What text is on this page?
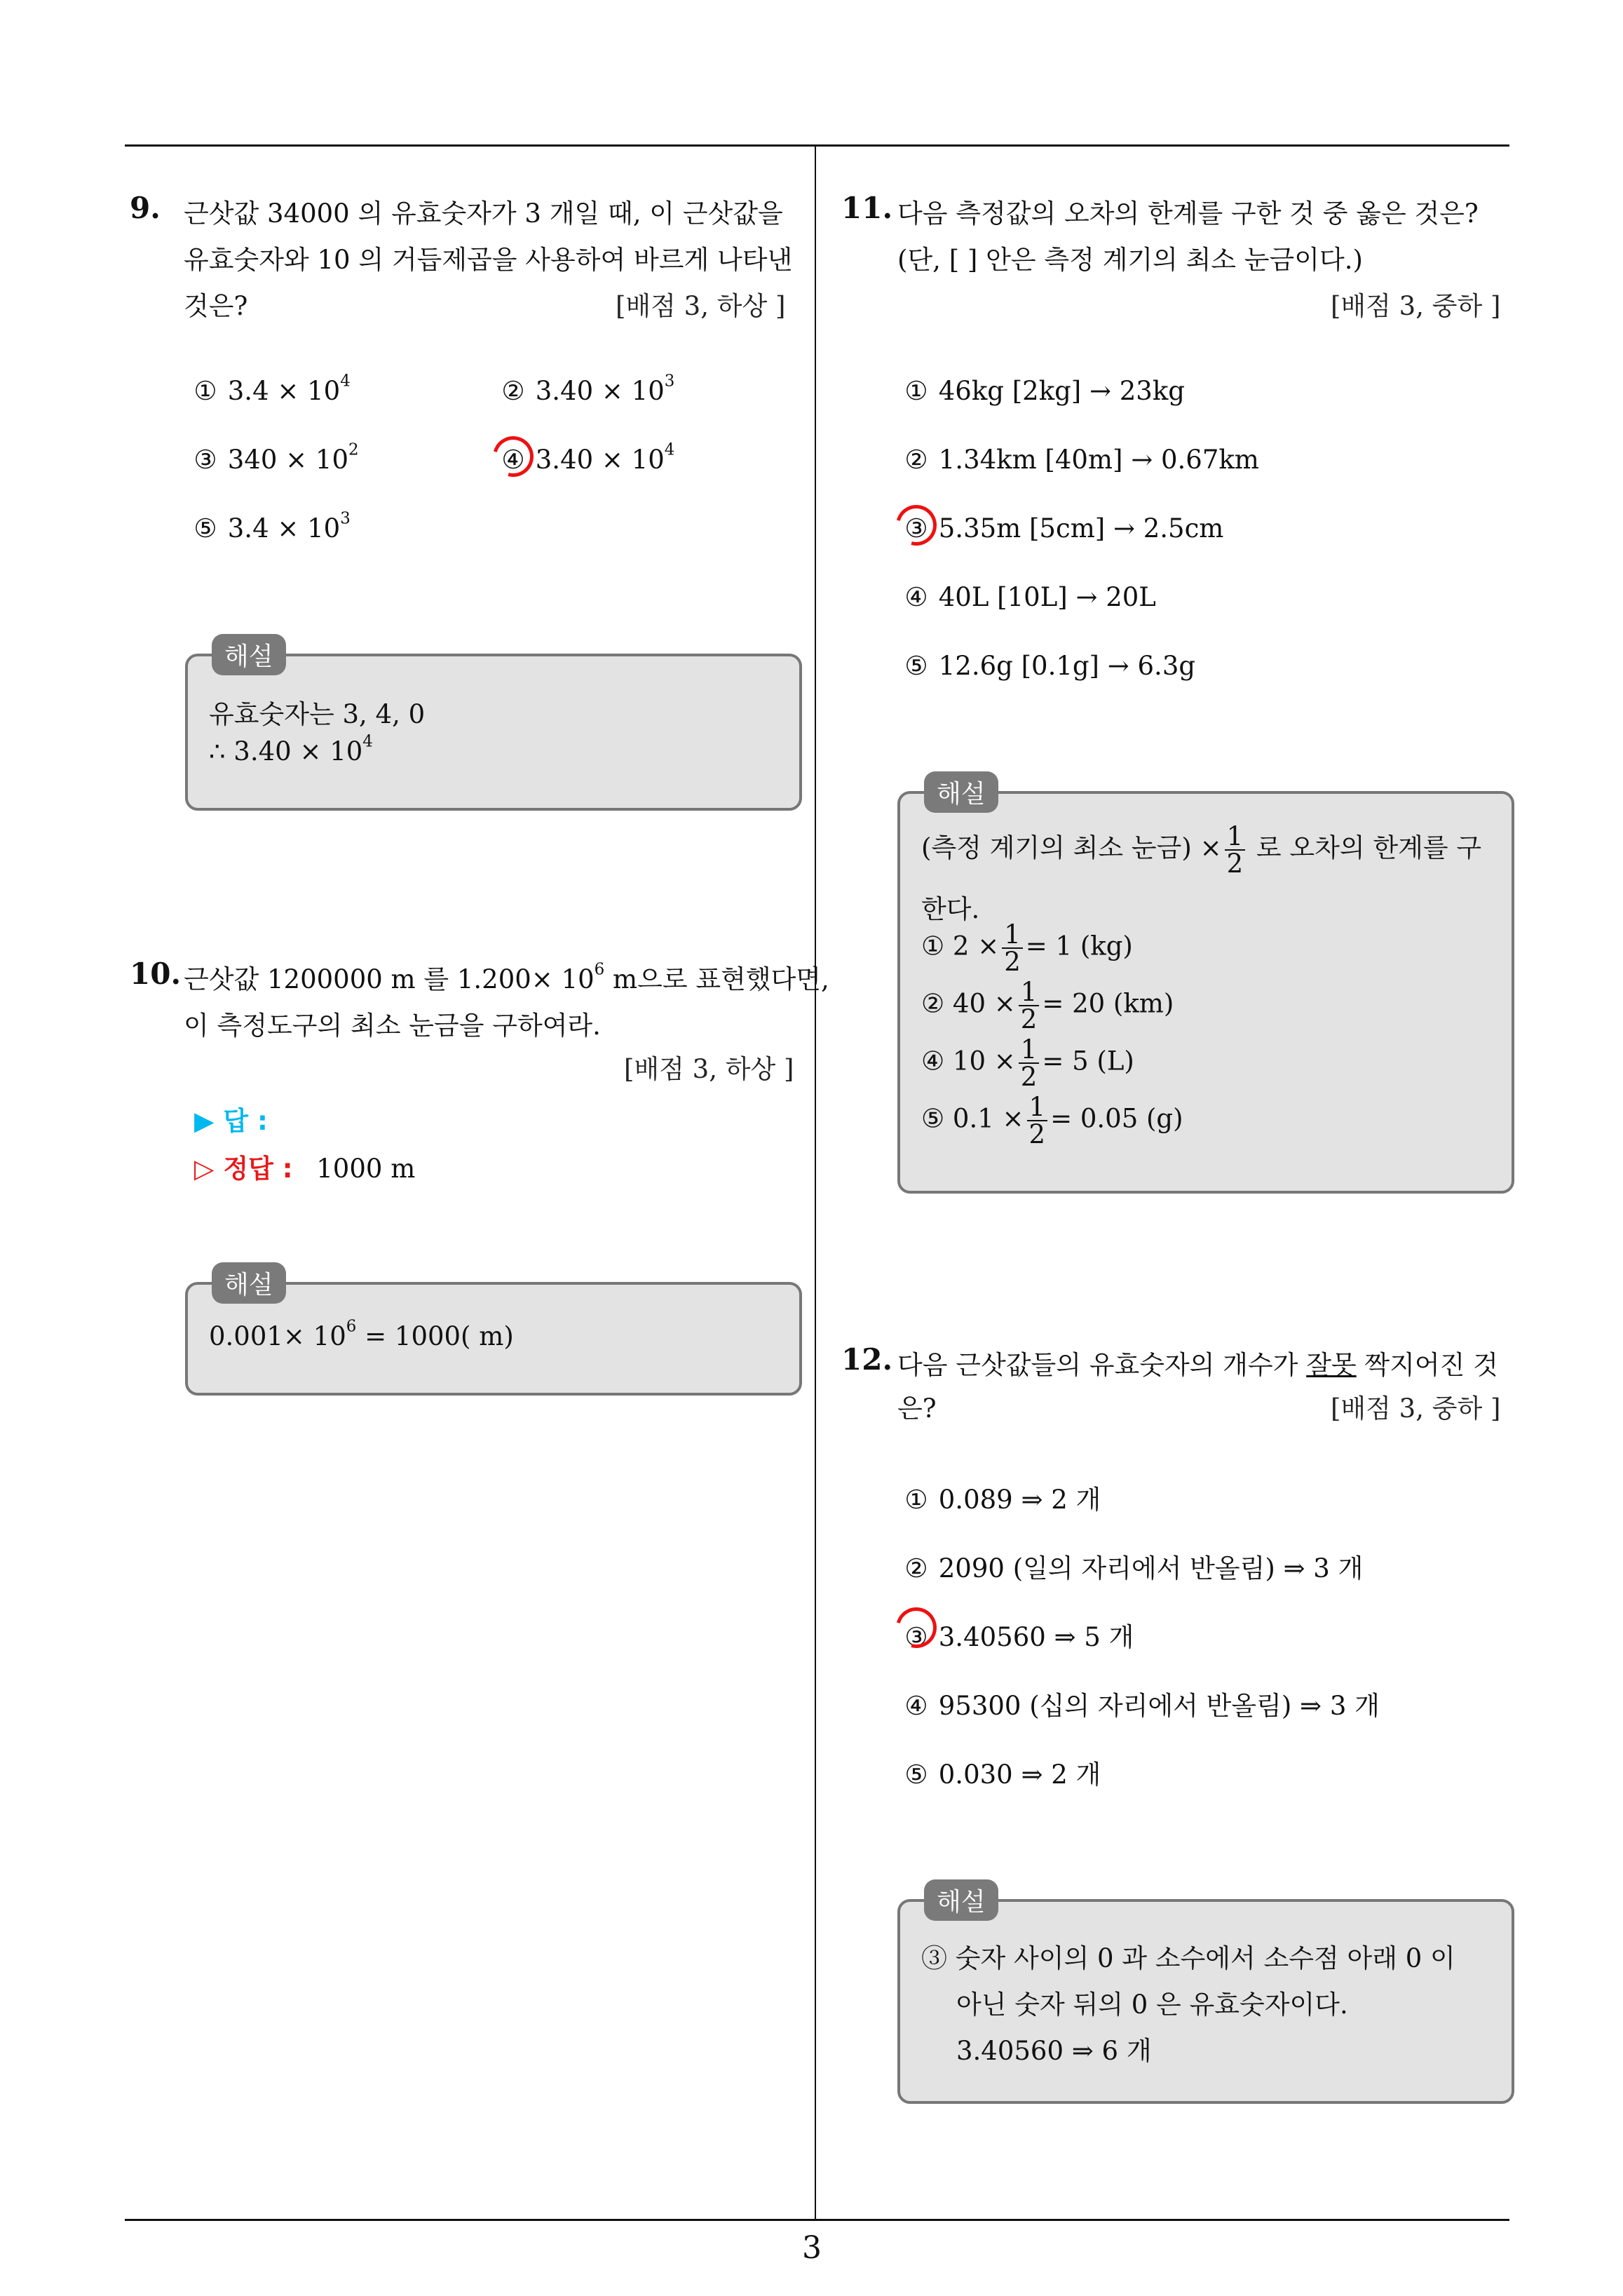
3
9. 근삿값 34000 의 유효숫자가 3 개일 때, 이 근삿값을
유효숫자와 10 의 거듭제곱을 사용하여 바르게 나타낸
것은?	[배점 3, 하상 ]
① $3.4 \times 10^4$	② $3.40 \times 10^3$
③ $340 \times 10^2$	④ $3.40 \times 10^4$
⑤ $3.4 \times 10^3$
유효숫자는 3, 4, 0
∴ $3.40 \times 10^4$
해설
10. 근삿값 1200000 m 를 $1.200\times 10^6$ m으로 표현했다면,
이 측정도구의 최소 눈금을 구하여라.
[배점 3, 하상 ]
▶ 답 :
▷ 정답 : 1000 m
$0.001\times 10^6 = 1000$( m)
해설
11. 다음 측정값의 오차의 한계를 구한 것 중 옳은 것은?
(단, [ ] 안은 측정 계기의 최소 눈금이다.)
[배점 3, 중하 ]
① 46kg [2kg] → 23kg
② 1.34km [40m] → 0.67km
③ 5.35m [5cm] → 2.5cm
④ 40L [10L] → 20L
⑤ 12.6g [0.1g] → 6.3g
(측정 계기의 최소 눈금) × $\frac{1}{2}$ 로 오차의 한계를 구
한다.
① $2 \times \frac{1}{2} = 1$ (kg)
② $40 \times \frac{1}{2} = 20$ (km)
④ $10 \times \frac{1}{2} = 5$ (L)
⑤ $0.1 \times \frac{1}{2} = 0.05$ (g)
해설
12. 다음 근삿값들의 유효숫자의 개수가 잘못 짝지어진 것
은?	[배점 3, 중하 ]
① 0.089 ⇒ 2 개
② 2090 (일의 자리에서 반올림) ⇒ 3 개
③ 3.40560 ⇒ 5 개
④ 95300 (십의 자리에서 반올림) ⇒ 3 개
⑤ 0.030 ⇒ 2 개
③ 숫자 사이의 0 과 소수에서 소수점 아래 0 이
아닌 숫자 뒤의 0 은 유효숫자이다.
3.40560 ⇒ 6 개
해설
